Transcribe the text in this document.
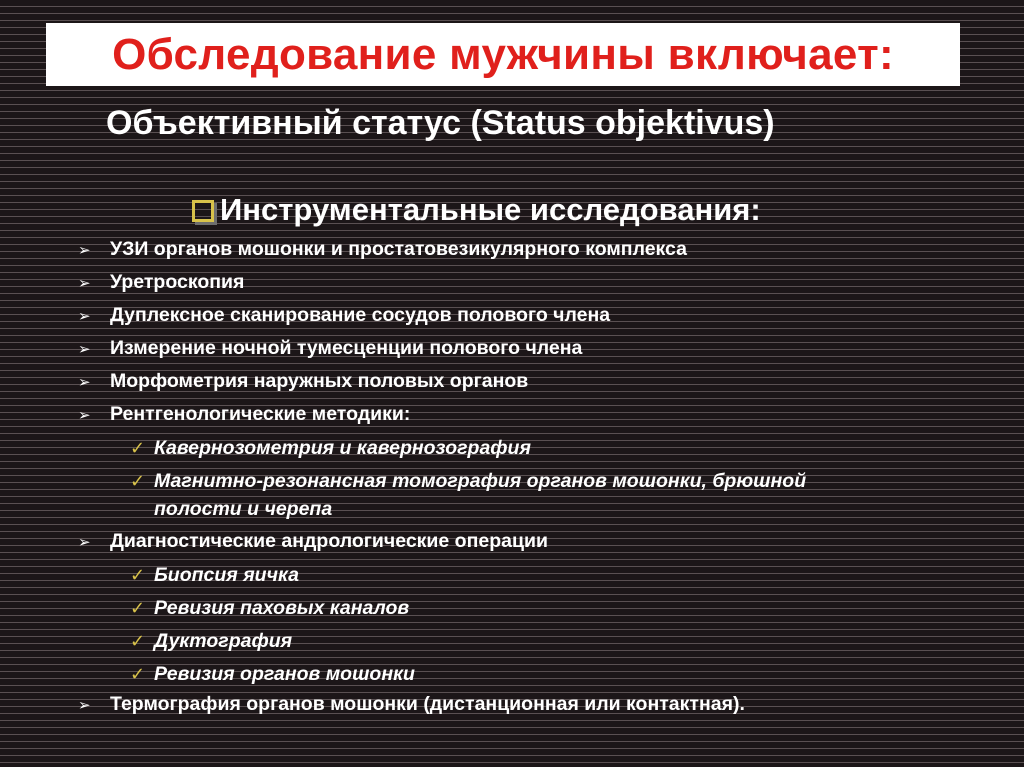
Обследование мужчины включает:
Объективный статус (Status objektivus)
Инструментальные исследования:
➢ УЗИ органов мошонки и простатовезикулярного комплекса
➢ Уретроскопия
➢ Дуплексное сканирование сосудов полового члена
➢ Измерение ночной тумесценции полового члена
➢ Морфометрия наружных половых органов
➢ Рентгенологические методики:
✓ Кавернозометрия и кавернозография
✓ Магнитно-резонансная томография органов мошонки, брюшной
полости и черепа
➢ Диагностические андрологические операции
✓ Биопсия яичка
✓ Ревизия паховых каналов
✓ Дуктография
✓ Ревизия органов мошонки
➢ Термография органов мошонки (дистанционная или контактная).
